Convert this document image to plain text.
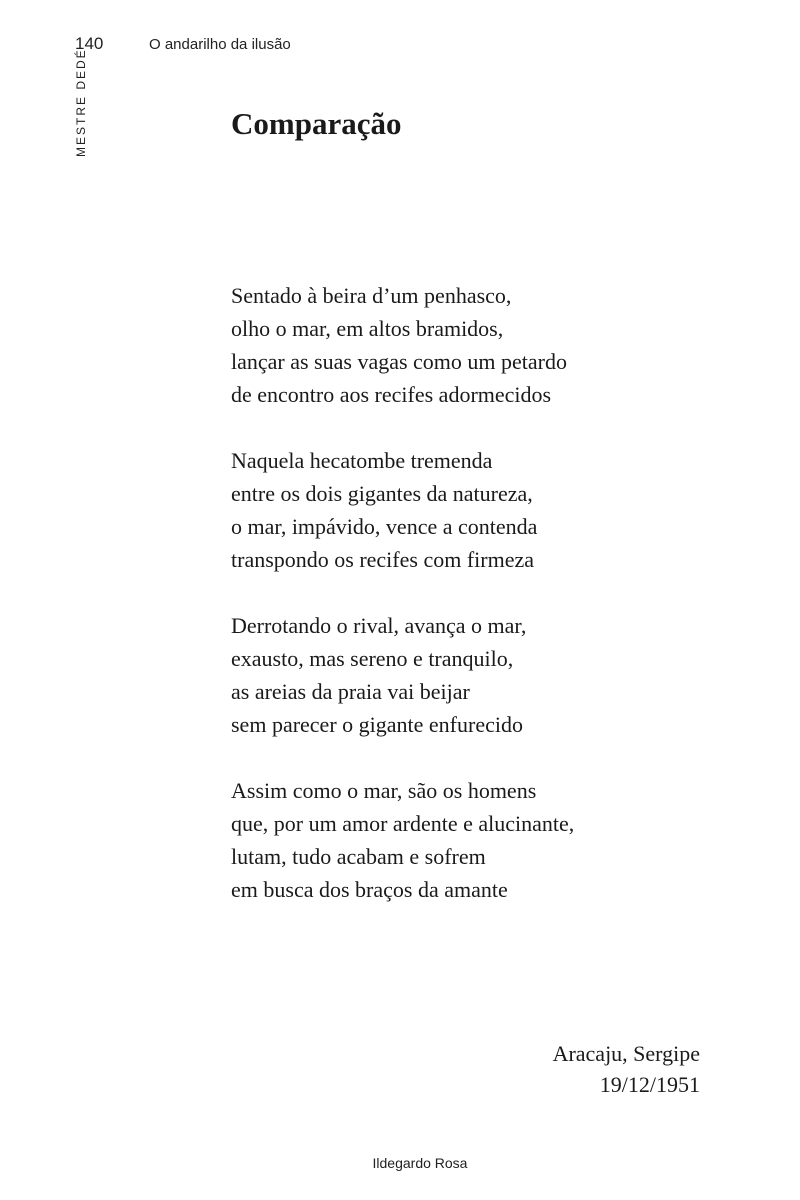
140	O andarilho da ilusão
MESTRE DEDÉ	Comparação

Sentado à beira d’um penhasco,
olho o mar, em altos bramidos,
lançar as suas vagas como um petardo
de encontro aos recifes adormecidos

Naquela hecatombe tremenda
entre os dois gigantes da natureza,
o mar, impávido, vence a contenda
transpondo os recifes com firmeza

Derrotando o rival, avança o mar,
exausto, mas sereno e tranquilo,
as areias da praia vai beijar
sem parecer o gigante enfurecido

Assim como o mar, são os homens
que, por um amor ardente e alucinante,
lutam, tudo acabam e sofrem
em busca dos braços da amante

Aracaju, Sergipe
19/12/1951
Ildegardo Rosa
